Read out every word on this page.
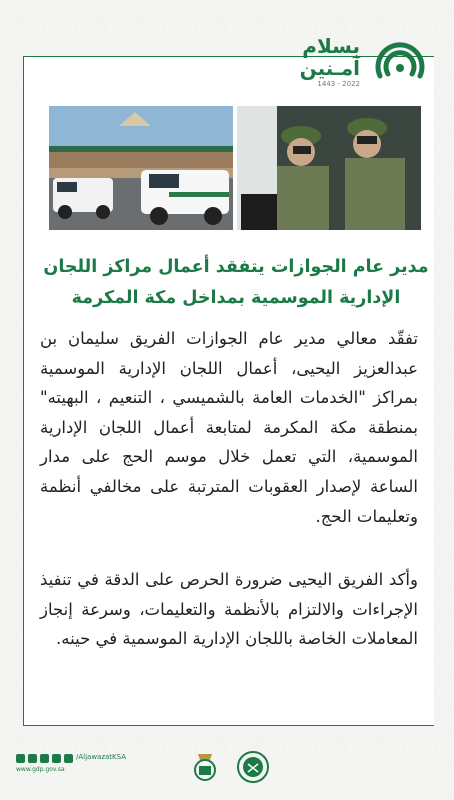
بسلام
آمـنين
1443 - 2022
مدير عام الجوازات يتفقد أعمال مراكز اللجان الإدارية الموسمية بمداخل مكة المكرمة
تفقّد معالي مدير عام الجوازات الفريق سليمان بن عبدالعزيز اليحيى، أعمال اللجان الإدارية الموسمية بمراكز "الخدمات العامة بالشميسي ، التنعيم ، البهيته" بمنطقة مكة المكرمة لمتابعة أعمال اللجان الإدارية الموسمية، التي تعمل خلال موسم الحج على مدار الساعة لإصدار العقوبات المترتبة على مخالفي أنظمة وتعليمات الحج.
وأكد الفريق اليحيى ضرورة الحرص على الدقة في تنفيذ الإجراءات والالتزام بالأنظمة والتعليمات، وسرعة إنجاز المعاملات الخاصة باللجان الإدارية الموسمية في حينه.
/AljawazatKSA
www.gdp.gov.sa
